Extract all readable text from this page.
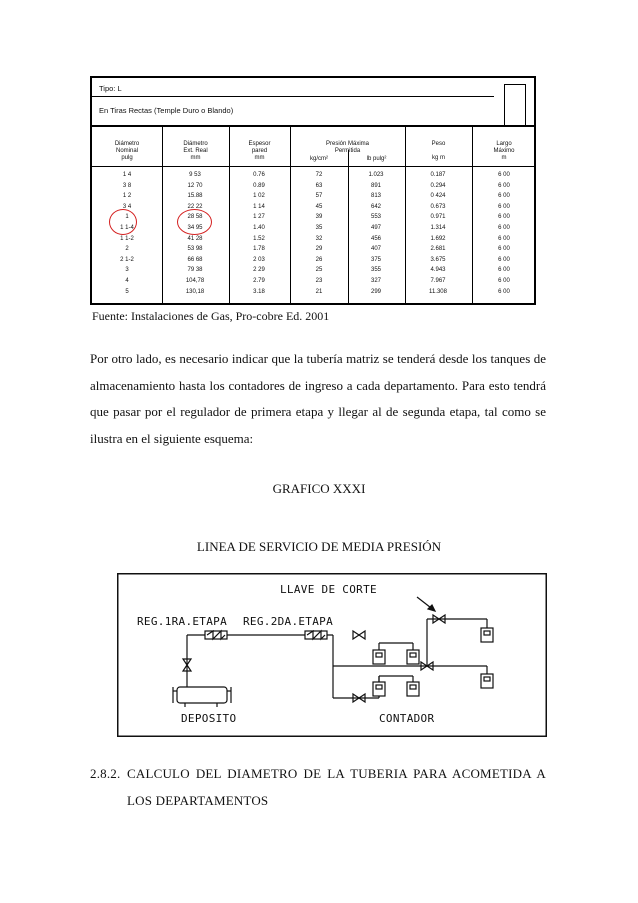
Tipo: L
En Tiras Rectas (Temple Duro o Blando)
Diámetro
Nominal
pulg
Diámetro
Ext. Real
mm
Espesor
pared
mm
Presión Máxima
Permitida
kg/cm²	lb pulg²
Peso

kg m
Largo
Máximo
m
1 4	9 53	0.76	72	1.023	0.187	6 00
3 8	12 70	0.89	63	891	0.294	6 00
1 2	15.88	1 02	57	813	0 424	6 00
3 4	22 22	1 14	45	642	0.673	6 00
1	28 58	1 27	39	553	0.971	6 00
1 1-4	34 95	1.40	35	497	1.314	6 00
1 1-2	41 28	1.52	32	456	1.692	6 00
2	53 98	1.78	29	407	2.681	6 00
2 1-2	66 68	2 03	26	375	3.675	6 00
3	79 38	2 29	25	355	4.943	6 00
4	104,78	2.79	23	327	7.967	6 00
5	130,18	3.18	21	299	11.308	6 00
Fuente: Instalaciones de Gas, Pro-cobre Ed. 2001

Por otro lado, es necesario indicar que la tubería matriz se tenderá desde los tanques de almacenamiento hasta los contadores de ingreso a cada departamento. Para esto tendrá que pasar por el regulador de primera etapa y llegar al de segunda etapa, tal como se ilustra en el siguiente esquema:

GRAFICO XXXI
LINEA DE SERVICIO DE MEDIA PRESIÓN
LLAVE DE CORTE
REG.1RA.ETAPA REG.2DA.ETAPA
DEPOSITO	CONTADOR
2.8.2. CALCULO DEL DIAMETRO DE LA TUBERIA PARA ACOMETIDA A
LOS DEPARTAMENTOS
